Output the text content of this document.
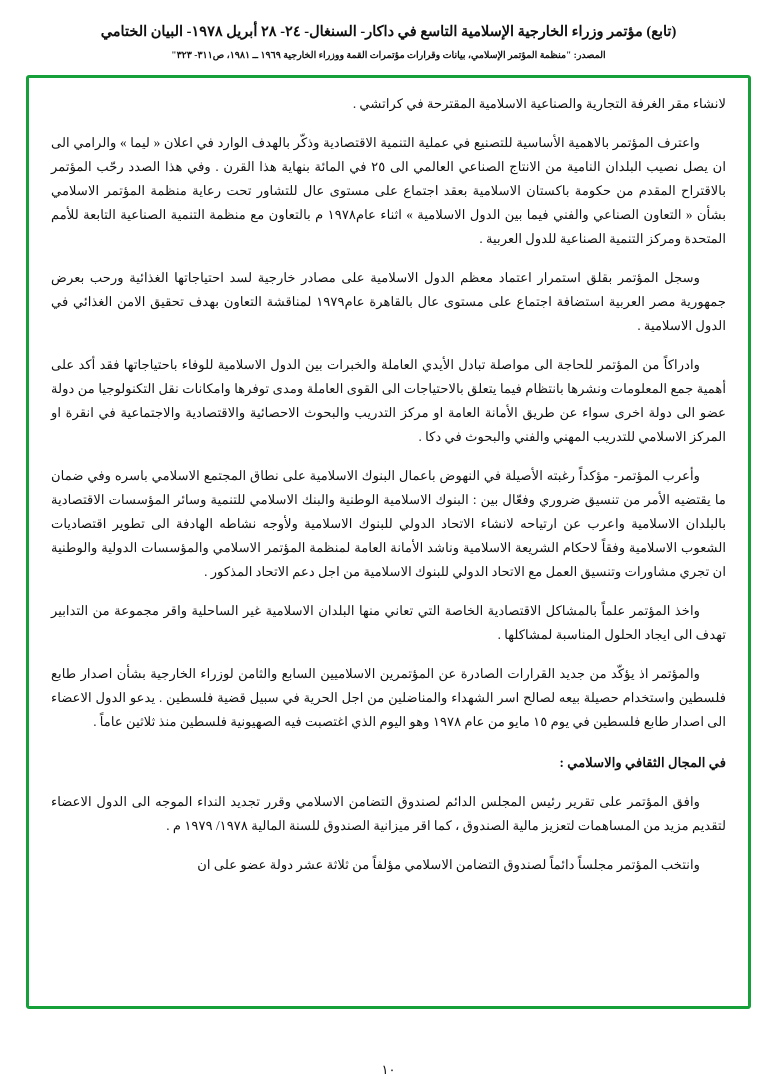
(تابع) مؤتمر وزراء الخارجية الإسلامية التاسع في داكار- السنغال- ٢٤- ٢٨ أبريل ١٩٧٨- البيان الختامي
المصدر: "منظمة المؤتمر الإسلامي، بيانات وقرارات مؤتمرات القمة ووزراء الخارجية ١٩٦٩ ــ ١٩٨١، ص٣١١- ٣٢٣"

لانشاء مقر الغرفة التجارية والصناعية الاسلامية المقترحة في كراتشي .

واعترف المؤتمر بالاهمية الأساسية للتصنيع في عملية التنمية الاقتصادية وذكّر بالهدف الوارد في اعلان « ليما » والرامي الى ان يصل نصيب البلدان النامية من الانتاج الصناعي العالمي الى ٢٥ في المائة بنهاية هذا القرن . وفي هذا الصدد رحّب المؤتمر بالاقتراح المقدم من حكومة باكستان الاسلامية بعقد اجتماع على مستوى عال للتشاور تحت رعاية منظمة المؤتمر الاسلامي بشأن « التعاون الصناعي والفني فيما بين الدول الاسلامية » اثناء عام١٩٧٨ م بالتعاون مع منظمة التنمية الصناعية التابعة للأمم المتحدة ومركز التنمية الصناعية للدول العربية .

وسجل المؤتمر بقلق استمرار اعتماد معظم الدول الاسلامية على مصادر خارجية لسد احتياجاتها الغذائية ورحب بعرض جمهورية مصر العربية استضافة اجتماع على مستوى عال بالقاهرة عام١٩٧٩ لمناقشة التعاون بهدف تحقيق الامن الغذائي في الدول الاسلامية .

وادراكاً من المؤتمر للحاجة الى مواصلة تبادل الأيدي العاملة والخبرات بين الدول الاسلامية للوفاء باحتياجاتها فقد أكد على أهمية جمع المعلومات ونشرها بانتظام فيما يتعلق بالاحتياجات الى القوى العاملة ومدى توفرها وامكانات نقل التكنولوجيا من دولة عضو الى دولة اخرى سواء عن طريق الأمانة العامة او مركز التدريب والبحوث الاحصائية والاقتصادية والاجتماعية في انقرة او المركز الاسلامي للتدريب المهني والفني والبحوث في دكا .

وأعرب المؤتمر- مؤكداً رغبته الأصيلة في النهوض باعمال البنوك الاسلامية على نطاق المجتمع الاسلامي باسره وفي ضمان ما يقتضيه الأمر من تنسيق ضروري وفعّال بين : البنوك الاسلامية الوطنية والبنك الاسلامي للتنمية وسائر المؤسسات الاقتصادية بالبلدان الاسلامية واعرب عن ارتياحه لانشاء الاتحاد الدولي للبنوك الاسلامية ولأوجه نشاطه الهادفة الى تطوير اقتصاديات الشعوب الاسلامية وفقاً لاحكام الشريعة الاسلامية وناشد الأمانة العامة لمنظمة المؤتمر الاسلامي والمؤسسات الدولية والوطنية ان تجري مشاورات وتنسيق العمل مع الاتحاد الدولي للبنوك الاسلامية من اجل دعم الاتحاد المذكور .

واخذ المؤتمر علماً بالمشاكل الاقتصادية الخاصة التي تعاني منها البلدان الاسلامية غير الساحلية واقر مجموعة من التدابير تهدف الى ايجاد الحلول المناسبة لمشاكلها .

والمؤتمر اذ يؤكّد من جديد القرارات الصادرة عن المؤتمرين الاسلاميين السابع والثامن لوزراء الخارجية بشأن اصدار طابع فلسطين واستخدام حصيلة بيعه لصالح اسر الشهداء والمناضلين من اجل الحرية في سبيل قضية فلسطين . يدعو الدول الاعضاء الى اصدار طابع فلسطين في يوم ١٥ مايو من عام ١٩٧٨ وهو اليوم الذي اغتصبت فيه الصهيونية فلسطين منذ ثلاثين عاماً .

في المجال الثقافي والاسلامي :

وافق المؤتمر على تقرير رئيس المجلس الدائم لصندوق التضامن الاسلامي وقرر تجديد النداء الموجه الى الدول الاعضاء لتقديم مزيد من المساهمات لتعزيز مالية الصندوق ، كما اقر ميزانية الصندوق للسنة المالية ١٩٧٨/ ١٩٧٩ م .

وانتخب المؤتمر مجلساً دائماً لصندوق التضامن الاسلامي مؤلفاً من ثلاثة عشر دولة عضو على ان

١٠
